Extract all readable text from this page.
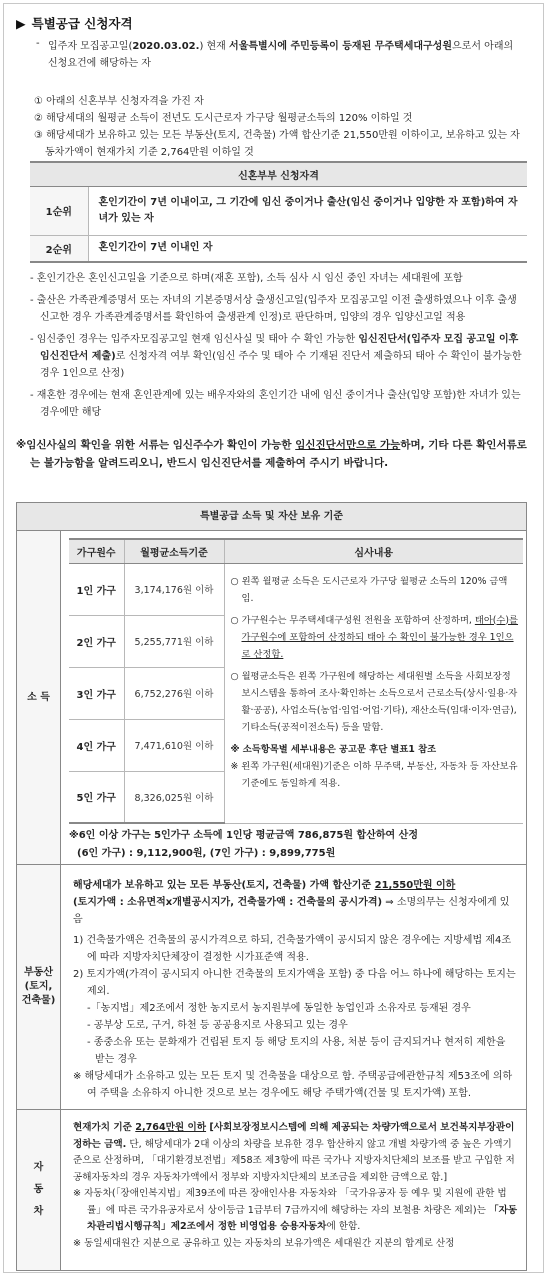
▶ 특별공급 신청자격
- 입주자 모집공고일(2020.03.02.) 현재 서울특별시에 주민등록이 등재된 무주택세대구성원으로서 아래의 신청요건에 해당하는 자
① 아래의 신혼부부 신청자격을 가진 자
② 해당세대의 월평균 소득이 전년도 도시근로자 가구당 월평균소득의 120% 이하일 것
③ 해당세대가 보유하고 있는 모든 부동산(토지, 건축물) 가액 합산기준 21,550만원 이하이고, 보유하고 있는 자동차가액이 현재가치 기준 2,764만원 이하일 것
신혼부부 신청자격	
1순위	혼인기간이 7년 이내이고, 그 기간에 임신 중이거나 출산(임신 중이거나 입양한 자 포함)하여 자녀가 있는 자
2순위	혼인기간이 7년 이내인 자
- 혼인기간은 혼인신고일을 기준으로 하며(재혼 포함), 소득 심사 시 임신 중인 자녀는 세대원에 포함
- 출산은 가족관계증명서 또는 자녀의 기본증명서상 출생신고일(입주자 모집공고일 이전 출생하였으나 이후 출생신고한 경우 가족관계증명서를 확인하여 출생관계 인정)로 판단하며, 입양의 경우 입양신고일 적용
- 임신중인 경우는 입주자모집공고일 현재 임신사실 및 태아 수 확인 가능한 임신진단서(입주자 모집 공고일 이후 임신진단서 제출)로 신청자격 여부 확인(임신 주수 및 태아 수 기재된 진단서 제출하되 태아 수 확인이 불가능한 경우 1인으로 산정)
- 재혼한 경우에는 현재 혼인관계에 있는 배우자와의 혼인기간 내에 임신 중이거나 출산(입양 포함)한 자녀가 있는 경우에만 해당
※임신사실의 확인을 위한 서류는 임신주수가 확인이 가능한 임신진단서만으로 가능하며, 기타 다른 확인서류로는 불가능함을 알려드리오니, 반드시 임신진단서를 제출하여 주시기 바랍니다.
특별공급 소득 및 자산 보유 기준
소 득
가구원수	월평균소득기준	심사내용
1인 가구	3,174,176원 이하	○ 왼쪽 월평균 소득은 도시근로자 가구당 월평균 소득의 120% 금액임.
○ 가구원수는 무주택세대구성원 전원을 포함하여 산정하며, 태아(수)를 가구원수에 포함하여 산정하되 태아 수 확인이 불가능한 경우 1인으로 산정함.
○ 월평균소득은 왼쪽 가구원에 해당하는 세대원별 소득을 사회보장정보시스템을 통하여 조사·확인하는 소득으로서 근로소득(상시·일용·자활·공공), 사업소득(농업·임업·어업·기타), 재산소득(임대·이자·연금), 기타소득(공적이전소득) 등을 말함.
※ 소득항목별 세부내용은 공고문 후단 별표1 참조
※ 왼쪽 가구원(세대원)기준은 이하 무주택, 부동산, 자동차 등 자산보유기준에도 동일하게 적용.

2인 가구	5,255,771원 이하	
3인 가구	6,752,276원 이하	
4인 가구	7,471,610원 이하	
5인 가구	8,326,025원 이하	
※6인 이상 가구는 5인가구 소득에 1인당 평균금액 786,875원 합산하여 산정
(6인 가구) : 9,112,900원, (7인 가구) : 9,899,775원
부동산
(토지,
건축물)
해당세대가 보유하고 있는 모든 부동산(토지, 건축물) 가액 합산기준 21,550만원 이하
(토지가액 : 소유면적x개별공시지가, 건축물가액 : 건축물의 공시가격) ⇒ 소명의무는 신청자에게 있음
1) 건축물가액은 건축물의 공시가격으로 하되, 건축물가액이 공시되지 않은 경우에는 지방세법 제4조에 따라 지방자치단체장이 결정한 시가표준액 적용.
2) 토지가액(가격이 공시되지 아니한 건축물의 토지가액을 포함) 중 다음 어느 하나에 해당하는 토지는 제외.
-「농지법」제2조에서 정한 농지로서 농지원부에 동일한 농업인과 소유자로 등재된 경우
- 공부상 도로, 구거, 하천 등 공공용지로 사용되고 있는 경우
- 종중소유 또는 문화재가 건립된 토지 등 해당 토지의 사용, 처분 등이 금지되거나 현저히 제한을 받는 경우
※ 해당세대가 소유하고 있는 모든 토지 및 건축물을 대상으로 함. 주택공급에관한규칙 제53조에 의하여 주택을 소유하지 아니한 것으로 보는 경우에도 해당 주택가액(건물 및 토지가액) 포함.
자
동
차
현재가치 기준 2,764만원 이하 [사회보장정보시스템에 의해 제공되는 차량가액으로서 보건복지부장관이 정하는 금액. 단, 해당세대가 2대 이상의 차량을 보유한 경우 합산하지 않고 개별 차량가액 중 높은 가액기준으로 산정하며, 「대기환경보전법」제58조 제3항에 따른 국가나 지방자치단체의 보조를 받고 구입한 저공해자동차의 경우 자동차가액에서 정부와 지방자치단체의 보조금을 제외한 금액으로 함.]
※ 자동차(「장애인복지법」제39조에 따른 장애인사용 자동차와 「국가유공자 등 예우 및 지원에 관한 법률」에 따른 국가유공자로서 상이등급 1급부터 7급까지에 해당하는 자의 보철용 차량은 제외)는 「자동차관리법시행규칙」제2조에서 정한 비영업용 승용자동차에 한함.
※ 동일세대원간 지분으로 공유하고 있는 자동차의 보유가액은 세대원간 지분의 합계로 산정
